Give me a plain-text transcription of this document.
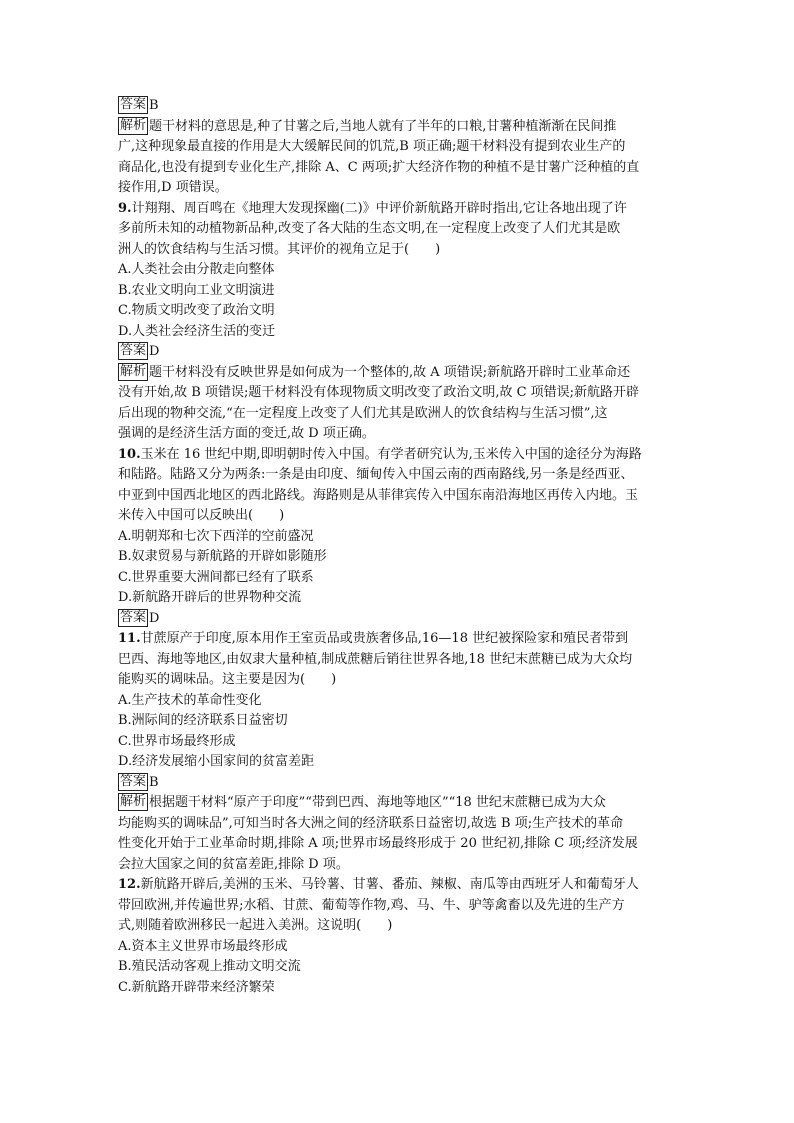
答案 B
解析 题干材料的意思是,种了甘薯之后,当地人就有了半年的口粮,甘薯种植渐渐在民间推
广,这种现象最直接的作用是大大缓解民间的饥荒,B 项正确;题干材料没有提到农业生产的
商品化,也没有提到专业化生产,排除 A、C 两项;扩大经济作物的种植不是甘薯广泛种植的直
接作用,D 项错误。
9.计翔翔、周百鸣在《地理大发现探幽(二)》中评价新航路开辟时指出,它让各地出现了许
多前所未知的动植物新品种,改变了各大陆的生态文明,在一定程度上改变了人们尤其是欧
洲人的饮食结构与生活习惯。其评价的视角立足于(　　)
A.人类社会由分散走向整体
B.农业文明向工业文明演进
C.物质文明改变了政治文明
D.人类社会经济生活的变迁
答案 D
解析 题干材料没有反映世界是如何成为一个整体的,故 A 项错误;新航路开辟时工业革命还
没有开始,故 B 项错误;题干材料没有体现物质文明改变了政治文明,故 C 项错误;新航路开辟
后出现的物种交流,“在一定程度上改变了人们尤其是欧洲人的饮食结构与生活习惯”,这
强调的是经济生活方面的变迁,故 D 项正确。
10.玉米在 16 世纪中期,即明朝时传入中国。有学者研究认为,玉米传入中国的途径分为海路
和陆路。陆路又分为两条:一条是由印度、缅甸传入中国云南的西南路线,另一条是经西亚、
中亚到中国西北地区的西北路线。海路则是从菲律宾传入中国东南沿海地区再传入内地。玉
米传入中国可以反映出(　　)
A.明朝郑和七次下西洋的空前盛况
B.奴隶贸易与新航路的开辟如影随形
C.世界重要大洲间都已经有了联系
D.新航路开辟后的世界物种交流
答案 D
11.甘蔗原产于印度,原本用作王室贡品或贵族奢侈品,16—18 世纪被探险家和殖民者带到
巴西、海地等地区,由奴隶大量种植,制成蔗糖后销往世界各地,18 世纪末蔗糖已成为大众均
能购买的调味品。这主要是因为(　　)
A.生产技术的革命性变化
B.洲际间的经济联系日益密切
C.世界市场最终形成
D.经济发展缩小国家间的贫富差距
答案 B
解析 根据题干材料“原产于印度”“带到巴西、海地等地区”“18 世纪末蔗糖已成为大众
均能购买的调味品”,可知当时各大洲之间的经济联系日益密切,故选 B 项;生产技术的革命
性变化开始于工业革命时期,排除 A 项;世界市场最终形成于 20 世纪初,排除 C 项;经济发展
会拉大国家之间的贫富差距,排除 D 项。
12.新航路开辟后,美洲的玉米、马铃薯、甘薯、番茄、辣椒、南瓜等由西班牙人和葡萄牙人
带回欧洲,并传遍世界;水稻、甘蔗、葡萄等作物,鸡、马、牛、驴等禽畜以及先进的生产方
式,则随着欧洲移民一起进入美洲。这说明(　　)
A.资本主义世界市场最终形成
B.殖民活动客观上推动文明交流
C.新航路开辟带来经济繁荣
